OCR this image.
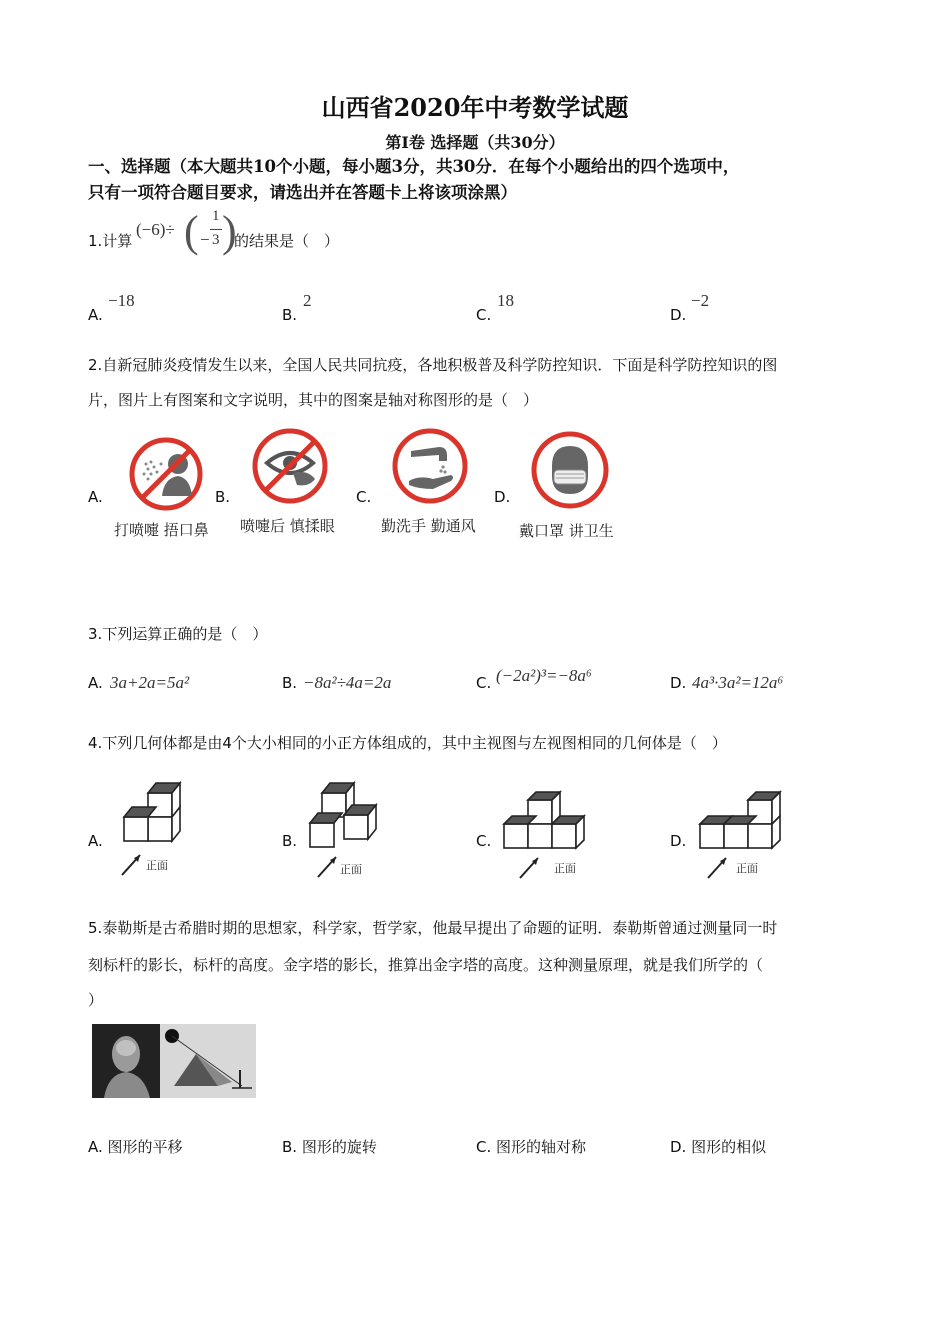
山西省2020年中考数学试题
第I卷 选择题（共30分）
一、选择题（本大题共10个小题，每小题3分，共30分．在每个小题给出的四个选项中，
只有一项符合题目要求，请选出并在答题卡上将该项涂黑）
1.计算
(−6)÷ ( −
1
3 )
的结果是（　）
A.
−18
B.
2
C.
18
D.
−2
2.自新冠肺炎疫情发生以来，全国人民共同抗疫，各地积极普及科学防控知识．下面是科学防控知识的图
片，图片上有图案和文字说明，其中的图案是轴对称图形的是（　）
A.
打喷嚏 捂口鼻
B.
喷嚏后 慎揉眼
C.
勤洗手 勤通风
D.
戴口罩 讲卫生
3.下列运算正确的是（　）
A. 3a+2a=5a²	B. −8a²÷4a=2a	C. (−2a²)³=−8a⁶	D. 4a³·3a²=12a⁶
4.下列几何体都是由4个大小相同的小正方体组成的，其中主视图与左视图相同的几何体是（　）
A.
正面
B.
正面
C.
正面
D.
正面
5.泰勒斯是古希腊时期的思想家，科学家，哲学家，他最早提出了命题的证明．泰勒斯曾通过测量同一时
刻标杆的影长，标杆的高度。金字塔的影长，推算出金字塔的高度。这种测量原理，就是我们所学的（
）
A. 图形的平移	B. 图形的旋转	C. 图形的轴对称	D. 图形的相似
